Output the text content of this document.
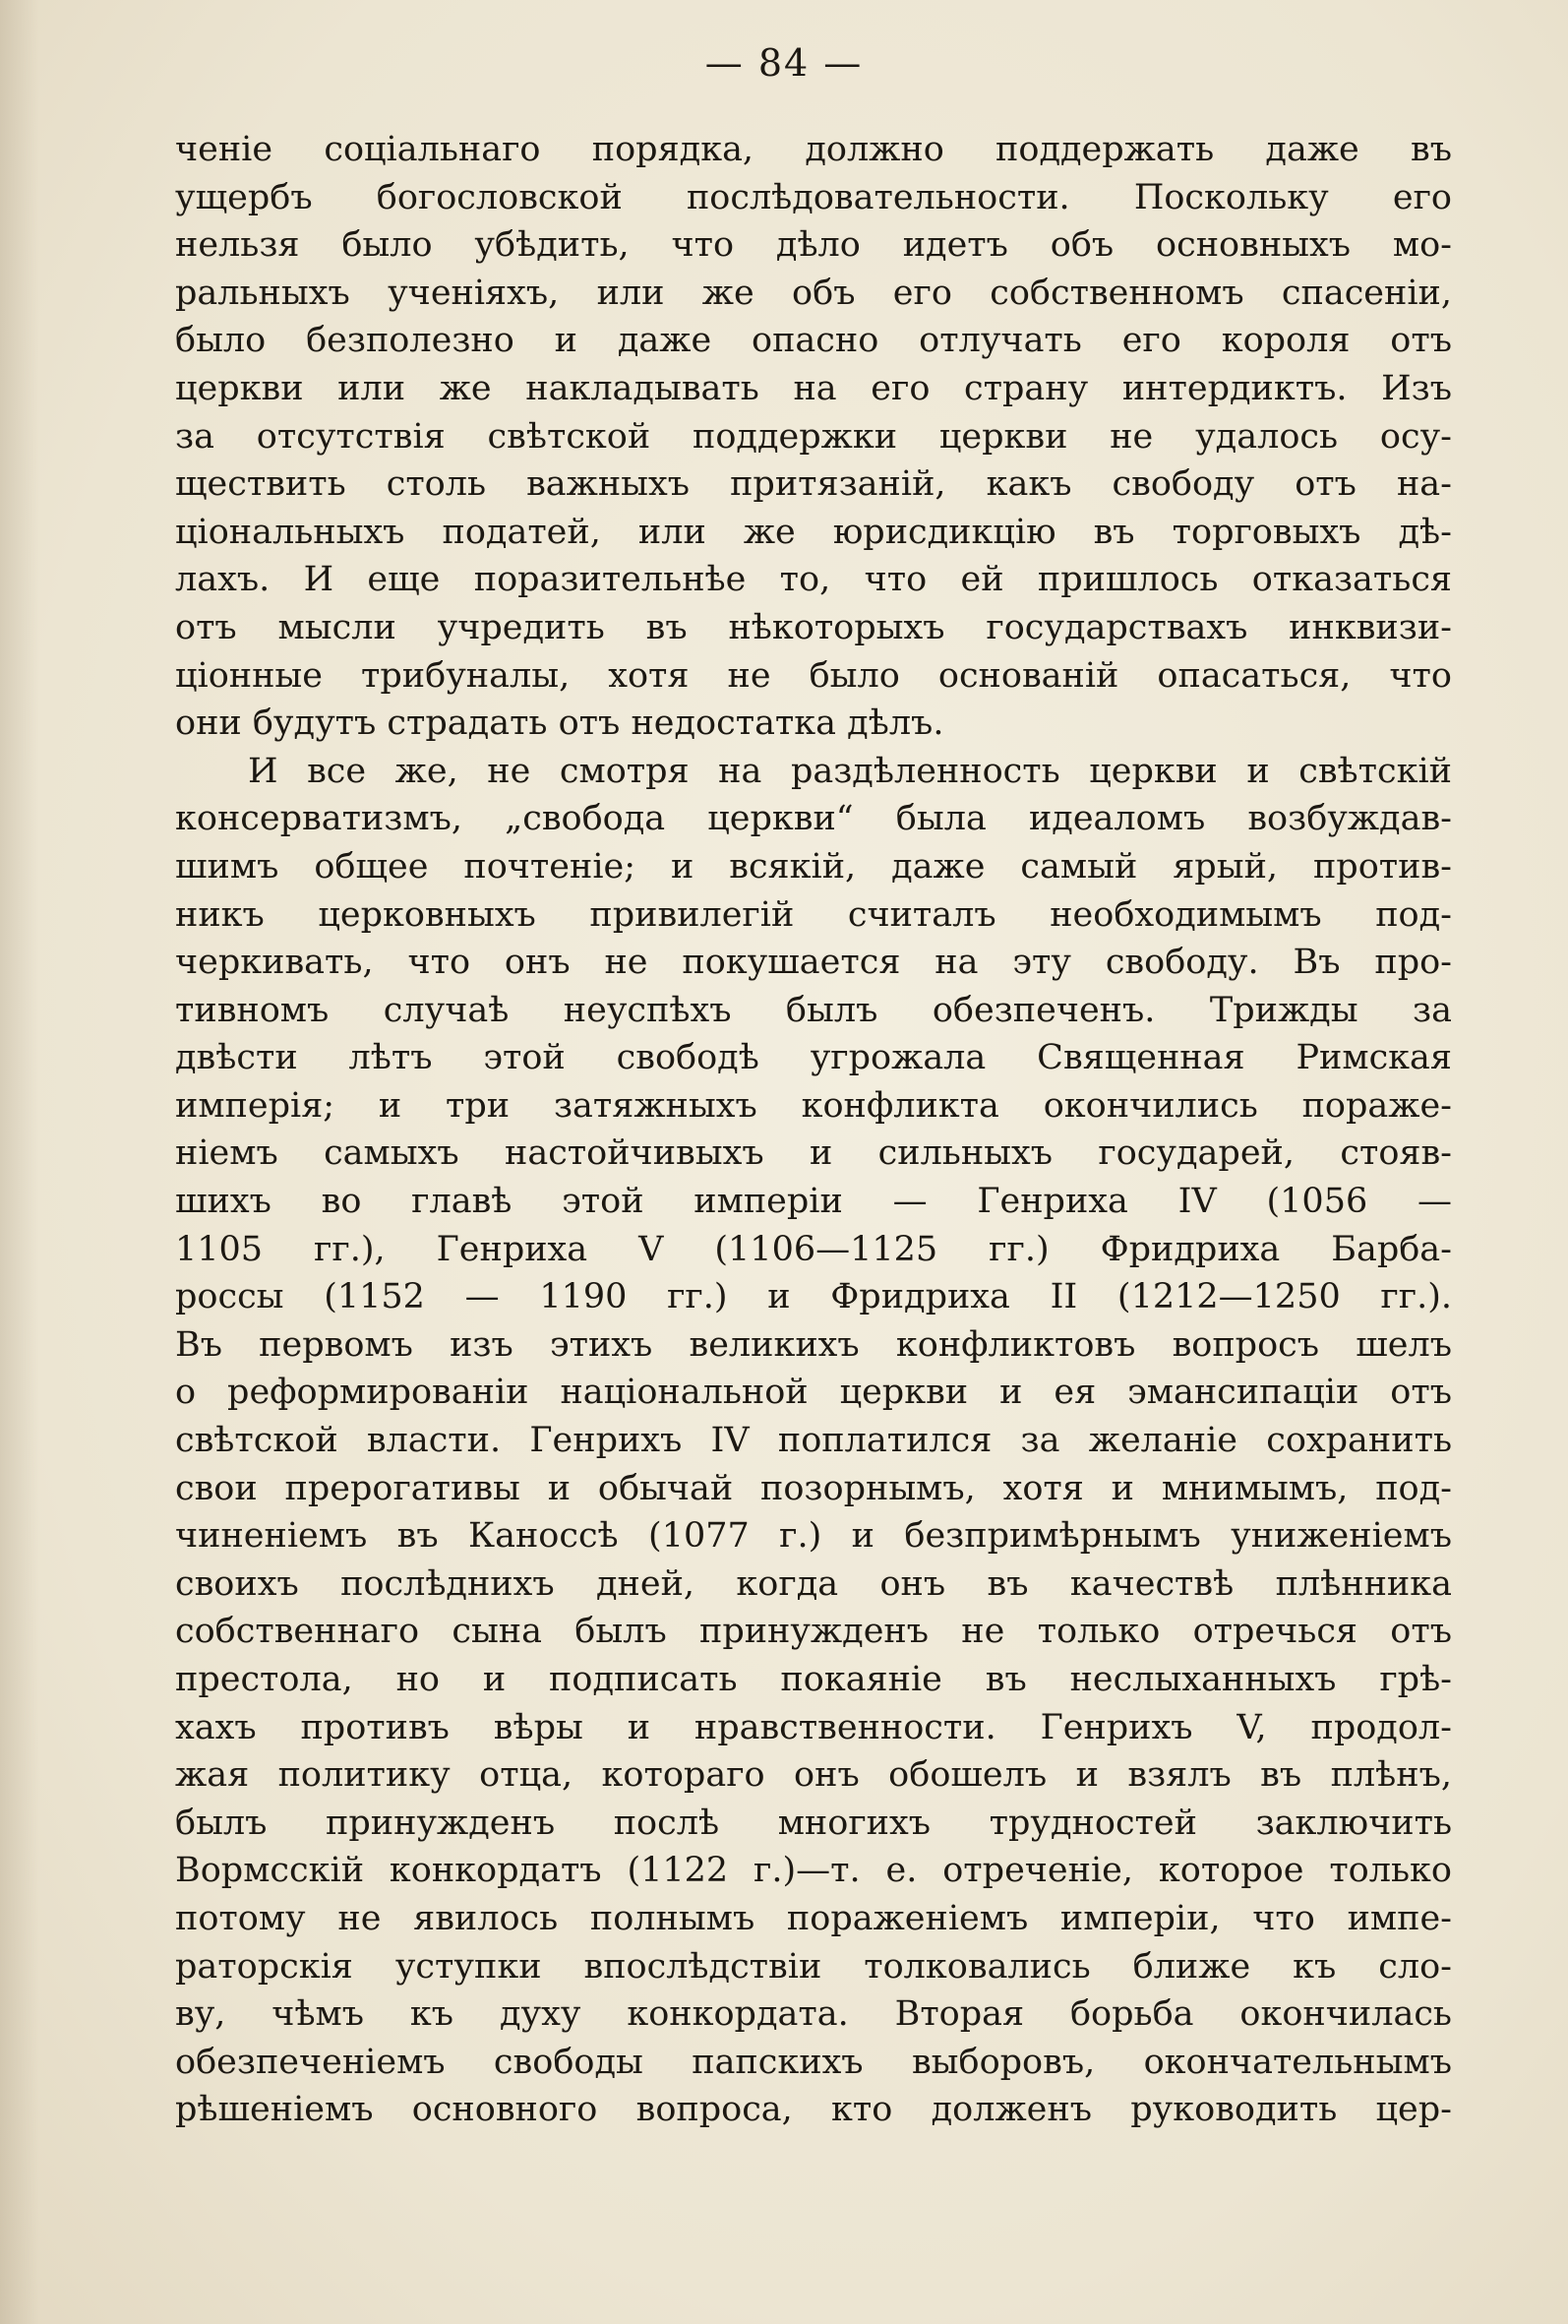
— 84 —
ченіе соціальнаго порядка, должно поддержать даже въ
ущербъ богословской послѣдовательности. Поскольку его
нельзя было убѣдить, что дѣло идетъ объ основныхъ мо-
ральныхъ ученіяхъ, или же объ его собственномъ спасеніи,
было безполезно и даже опасно отлучать его короля отъ
церкви или же накладывать на его страну интердиктъ. Изъ
за отсутствія свѣтской поддержки церкви не удалось осу-
ществить столь важныхъ притязаній, какъ свободу отъ на-
ціональныхъ податей, или же юрисдикцію въ торговыхъ дѣ-
лахъ. И еще поразительнѣе то, что ей пришлось отказаться
отъ мысли учредить въ нѣкоторыхъ государствахъ инквизи-
ціонные трибуналы, хотя не было основаній опасаться, что
они будутъ страдать отъ недостатка дѣлъ.
И все же, не смотря на раздѣленность церкви и свѣтскій
консерватизмъ, „свобода церкви“ была идеаломъ возбуждав-
шимъ общее почтеніе; и всякій, даже самый ярый, против-
никъ церковныхъ привилегій считалъ необходимымъ под-
черкивать, что онъ не покушается на эту свободу. Въ про-
тивномъ случаѣ неуспѣхъ былъ обезпеченъ. Трижды за
двѣсти лѣтъ этой свободѣ угрожала Священная Римская
имперія; и три затяжныхъ конфликта окончились пораже-
ніемъ самыхъ настойчивыхъ и сильныхъ государей, стояв-
шихъ во главѣ этой имперіи — Генриха IV (1056 —
1105 гг.), Генриха V (1106—1125 гг.) Фридриха Барба-
россы (1152 — 1190 гг.) и Фридриха II (1212—1250 гг.).
Въ первомъ изъ этихъ великихъ конфликтовъ вопросъ шелъ
о реформированіи національной церкви и ея эмансипаціи отъ
свѣтской власти. Генрихъ IV поплатился за желаніе сохранить
свои прерогативы и обычай позорнымъ, хотя и мнимымъ, под-
чиненіемъ въ Каноссѣ (1077 г.) и безпримѣрнымъ униженіемъ
своихъ послѣднихъ дней, когда онъ въ качествѣ плѣнника
собственнаго сына былъ принужденъ не только отречься отъ
престола, но и подписать покаяніе въ неслыханныхъ грѣ-
хахъ противъ вѣры и нравственности. Генрихъ V, продол-
жая политику отца, котораго онъ обошелъ и взялъ въ плѣнъ,
былъ принужденъ послѣ многихъ трудностей заключить
Вормсскій конкордатъ (1122 г.)—т. е. отреченіе, которое только
потому не явилось полнымъ пораженіемъ имперіи, что импе-
раторскія уступки впослѣдствіи толковались ближе къ сло-
ву, чѣмъ къ духу конкордата. Вторая борьба окончилась
обезпеченіемъ свободы папскихъ выборовъ, окончательнымъ
рѣшеніемъ основного вопроса, кто долженъ руководить цер-
